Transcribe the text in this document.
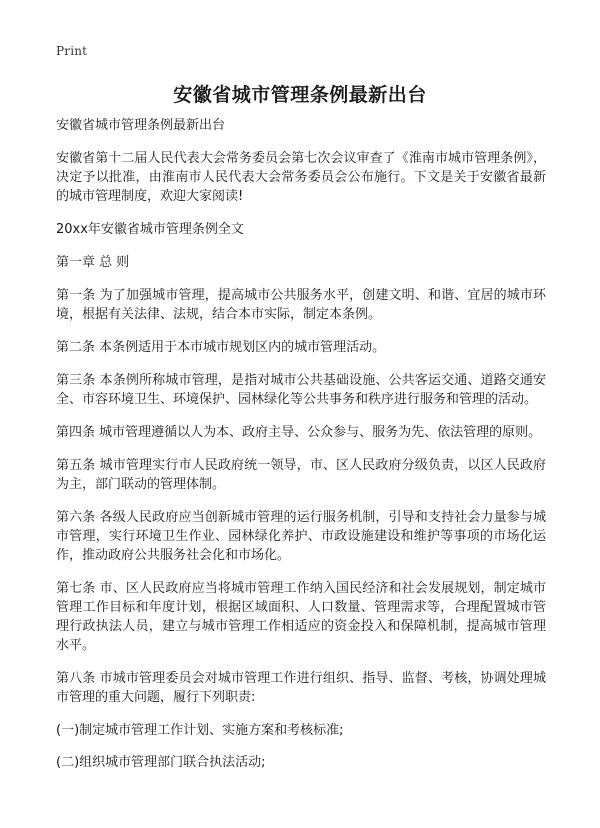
Print
安徽省城市管理条例最新出台

安徽省城市管理条例最新出台

安徽省第十二届人民代表大会常务委员会第七次会议审查了《淮南市城市管理条例》，决定予以批准，由淮南市人民代表大会常务委员会公布施行。下文是关于安徽省最新的城市管理制度，欢迎大家阅读!

20xx年安徽省城市管理条例全文

第一章 总 则

第一条 为了加强城市管理，提高城市公共服务水平，创建文明、和谐、宜居的城市环境，根据有关法律、法规，结合本市实际，制定本条例。

第二条 本条例适用于本市城市规划区内的城市管理活动。

第三条 本条例所称城市管理，是指对城市公共基础设施、公共客运交通、道路交通安全、市容环境卫生、环境保护、园林绿化等公共事务和秩序进行服务和管理的活动。

第四条 城市管理遵循以人为本、政府主导、公众参与、服务为先、依法管理的原则。

第五条 城市管理实行市人民政府统一领导，市、区人民政府分级负责，以区人民政府为主，部门联动的管理体制。

第六条 各级人民政府应当创新城市管理的运行服务机制，引导和支持社会力量参与城市管理，实行环境卫生作业、园林绿化养护、市政设施建设和维护等事项的市场化运作，推动政府公共服务社会化和市场化。

第七条 市、区人民政府应当将城市管理工作纳入国民经济和社会发展规划，制定城市管理工作目标和年度计划，根据区域面积、人口数量、管理需求等，合理配置城市管理行政执法人员，建立与城市管理工作相适应的资金投入和保障机制，提高城市管理水平。

第八条 市城市管理委员会对城市管理工作进行组织、指导、监督、考核，协调处理城市管理的重大问题，履行下列职责:

(一)制定城市管理工作计划、实施方案和考核标准;

(二)组织城市管理部门联合执法活动;
